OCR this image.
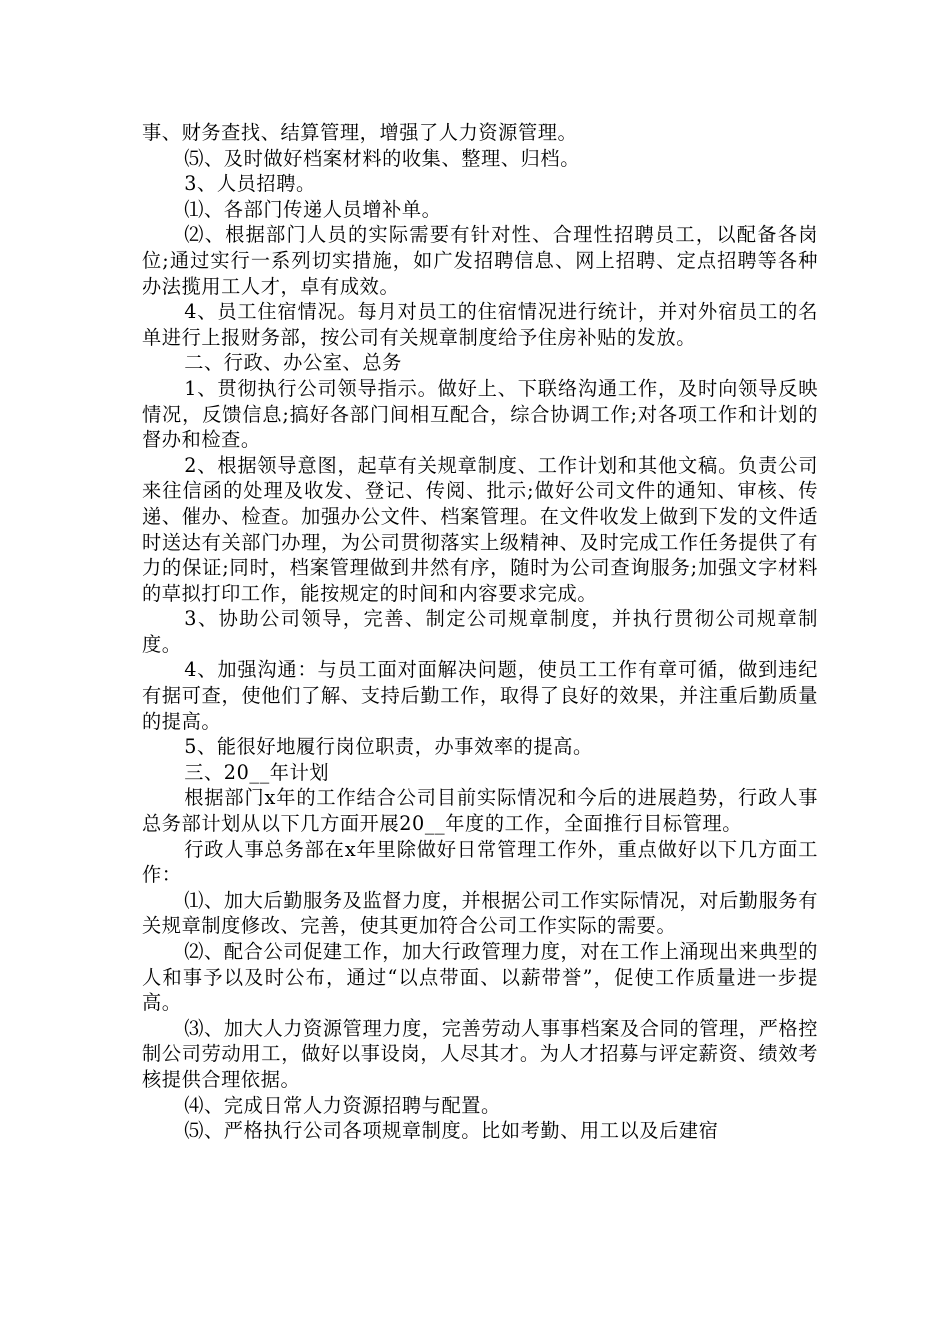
事、财务查找、结算管理，增强了人力资源管理。

⑸、及时做好档案材料的收集、整理、归档。

3、人员招聘。

⑴、各部门传递人员增补单。

⑵、根据部门人员的实际需要有针对性、合理性招聘员工，以配备各岗位;通过实行一系列切实措施，如广发招聘信息、网上招聘、定点招聘等各种办法揽用工人才，卓有成效。

4、员工住宿情况。每月对员工的住宿情况进行统计，并对外宿员工的名单进行上报财务部，按公司有关规章制度给予住房补贴的发放。

二、行政、办公室、总务

1、贯彻执行公司领导指示。做好上、下联络沟通工作，及时向领导反映情况，反馈信息;搞好各部门间相互配合，综合协调工作;对各项工作和计划的督办和检查。

2、根据领导意图，起草有关规章制度、工作计划和其他文稿。负责公司来往信函的处理及收发、登记、传阅、批示;做好公司文件的通知、审核、传递、催办、检查。加强办公文件、档案管理。在文件收发上做到下发的文件适时送达有关部门办理，为公司贯彻落实上级精神、及时完成工作任务提供了有力的保证;同时，档案管理做到井然有序，随时为公司查询服务;加强文字材料的草拟打印工作，能按规定的时间和内容要求完成。

3、协助公司领导，完善、制定公司规章制度，并执行贯彻公司规章制度。

4、加强沟通：与员工面对面解决问题，使员工工作有章可循，做到违纪有据可查，使他们了解、支持后勤工作，取得了良好的效果，并注重后勤质量的提高。

5、能很好地履行岗位职责，办事效率的提高。

三、20__年计划

根据部门x年的工作结合公司目前实际情况和今后的进展趋势，行政人事总务部计划从以下几方面开展20__年度的工作，全面推行目标管理。

行政人事总务部在x年里除做好日常管理工作外，重点做好以下几方面工作：

⑴、加大后勤服务及监督力度，并根据公司工作实际情况，对后勤服务有关规章制度修改、完善，使其更加符合公司工作实际的需要。

⑵、配合公司促建工作，加大行政管理力度，对在工作上涌现出来典型的人和事予以及时公布，通过“以点带面、以薪带誉”，促使工作质量进一步提高。

⑶、加大人力资源管理力度，完善劳动人事事档案及合同的管理，严格控制公司劳动用工，做好以事设岗，人尽其才。为人才招募与评定薪资、绩效考核提供合理依据。

⑷、完成日常人力资源招聘与配置。

⑸、严格执行公司各项规章制度。比如考勤、用工以及后建宿
